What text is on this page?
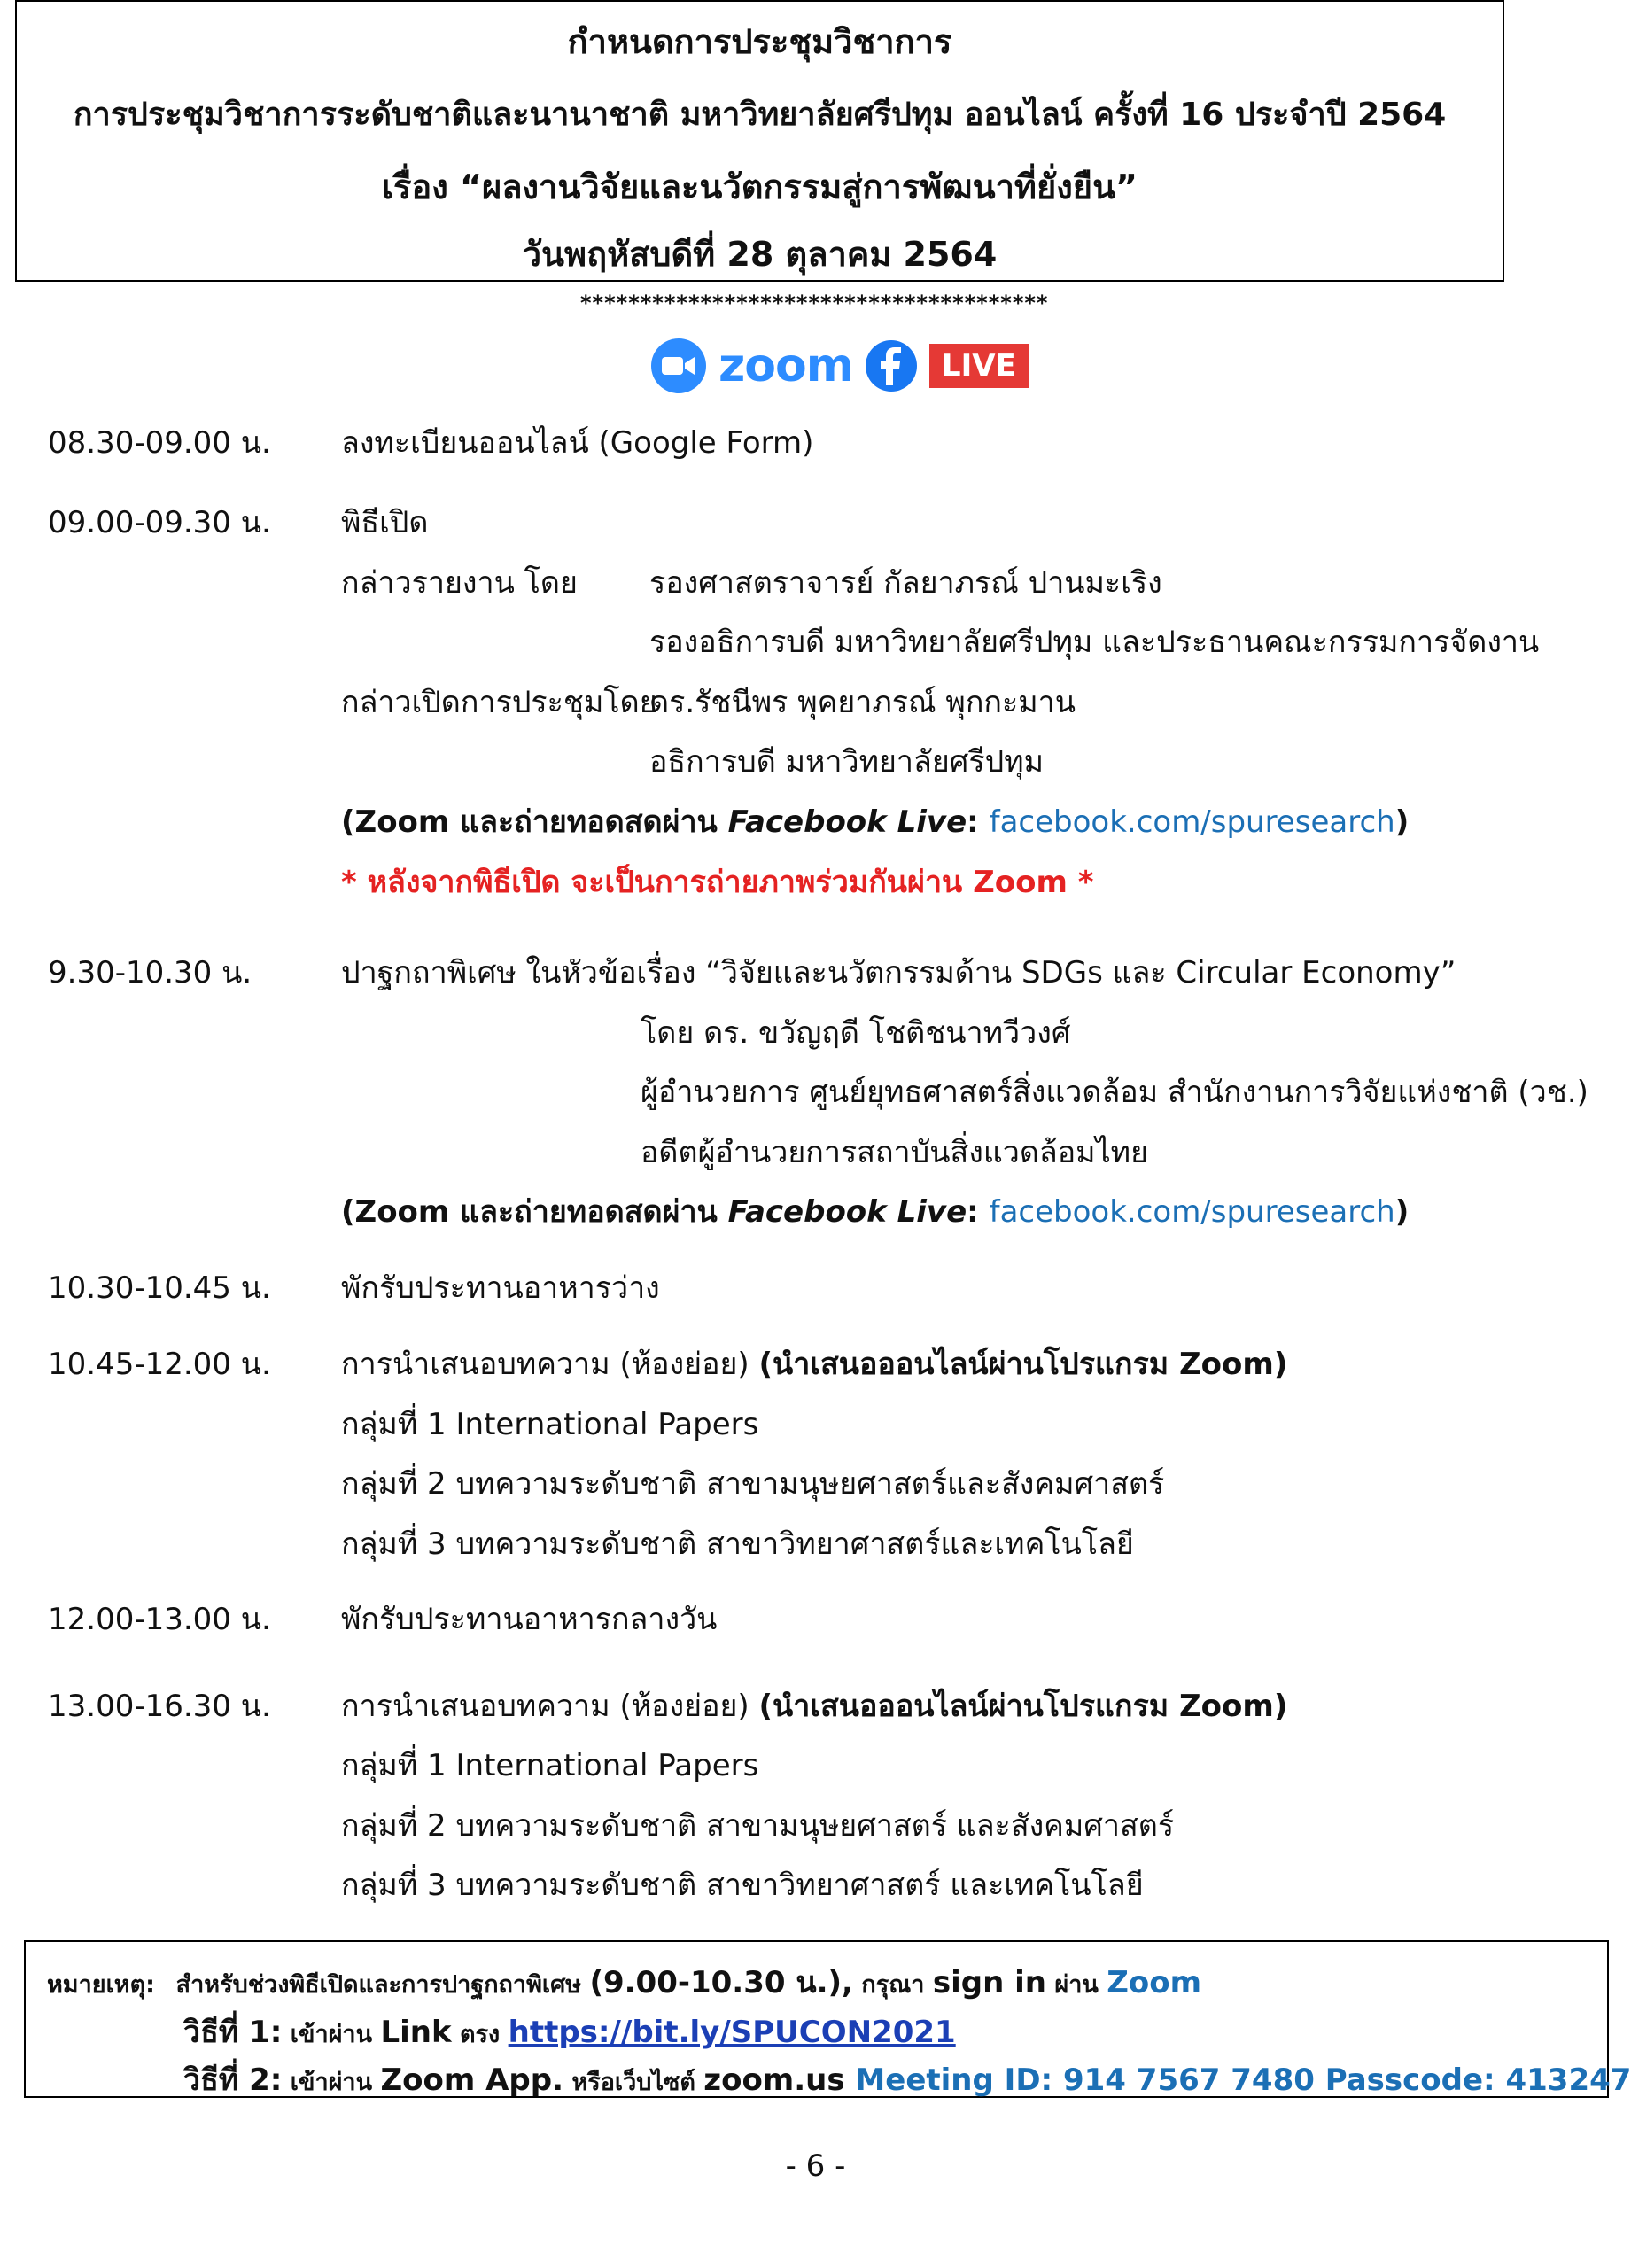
กำหนดการประชุมวิชาการ
การประชุมวิชาการระดับชาติและนานาชาติ มหาวิทยาลัยศรีปทุม ออนไลน์ ครั้งที่ 16 ประจำปี 2564
เรื่อง “ผลงานวิจัยและนวัตกรรมสู่การพัฒนาที่ยั่งยืน”
วันพฤหัสบดีที่ 28 ตุลาคม 2564
***************************************
zoom	LIVE
08.30-09.00 น. ลงทะเบียนออนไลน์ (Google Form)
09.00-09.30 น. พิธีเปิด
กล่าวรายงาน โดย รองศาสตราจารย์ กัลยาภรณ์ ปานมะเริง
รองอธิการบดี มหาวิทยาลัยศรีปทุม และประธานคณะกรรมการจัดงาน
กล่าวเปิดการประชุมโดย
ดร.รัชนีพร พุคยาภรณ์ พุกกะมาน
อธิการบดี มหาวิทยาลัยศรีปทุม
(Zoom และถ่ายทอดสดผ่าน Facebook Live: facebook.com/spuresearch)
* หลังจากพิธีเปิด จะเป็นการถ่ายภาพร่วมกันผ่าน Zoom *
9.30-10.30 น.	ปาฐกถาพิเศษ ในหัวข้อเรื่อง “วิจัยและนวัตกรรมด้าน SDGs และ Circular Economy”
โดย ดร. ขวัญฤดี โชติชนาทวีวงศ์
ผู้อำนวยการ ศูนย์ยุทธศาสตร์สิ่งแวดล้อม สำนักงานการวิจัยแห่งชาติ (วช.)
อดีตผู้อำนวยการสถาบันสิ่งแวดล้อมไทย
(Zoom และถ่ายทอดสดผ่าน Facebook Live: facebook.com/spuresearch)
10.30-10.45 น. พักรับประทานอาหารว่าง
10.45-12.00 น. การนำเสนอบทความ (ห้องย่อย) (นำเสนอออนไลน์ผ่านโปรแกรม Zoom)
กลุ่มที่ 1 International Papers
กลุ่มที่ 2 บทความระดับชาติ สาขามนุษยศาสตร์และสังคมศาสตร์
กลุ่มที่ 3 บทความระดับชาติ สาขาวิทยาศาสตร์และเทคโนโลยี
12.00-13.00 น. พักรับประทานอาหารกลางวัน
13.00-16.30 น. การนำเสนอบทความ (ห้องย่อย) (นำเสนอออนไลน์ผ่านโปรแกรม Zoom)
กลุ่มที่ 1 International Papers
กลุ่มที่ 2 บทความระดับชาติ สาขามนุษยศาสตร์ และสังคมศาสตร์
กลุ่มที่ 3 บทความระดับชาติ สาขาวิทยาศาสตร์ และเทคโนโลยี
หมายเหตุ: สำหรับช่วงพิธีเปิดและการปาฐกถาพิเศษ (9.00-10.30 น.), กรุณา sign in ผ่าน Zoom
วิธีที่ 1: เข้าผ่าน Link ตรง https://bit.ly/SPUCON2021
วิธีที่ 2: เข้าผ่าน Zoom App. หรือเว็บไซต์ zoom.us Meeting ID: 914 7567 7480 Passcode: 413247
- 6 -
